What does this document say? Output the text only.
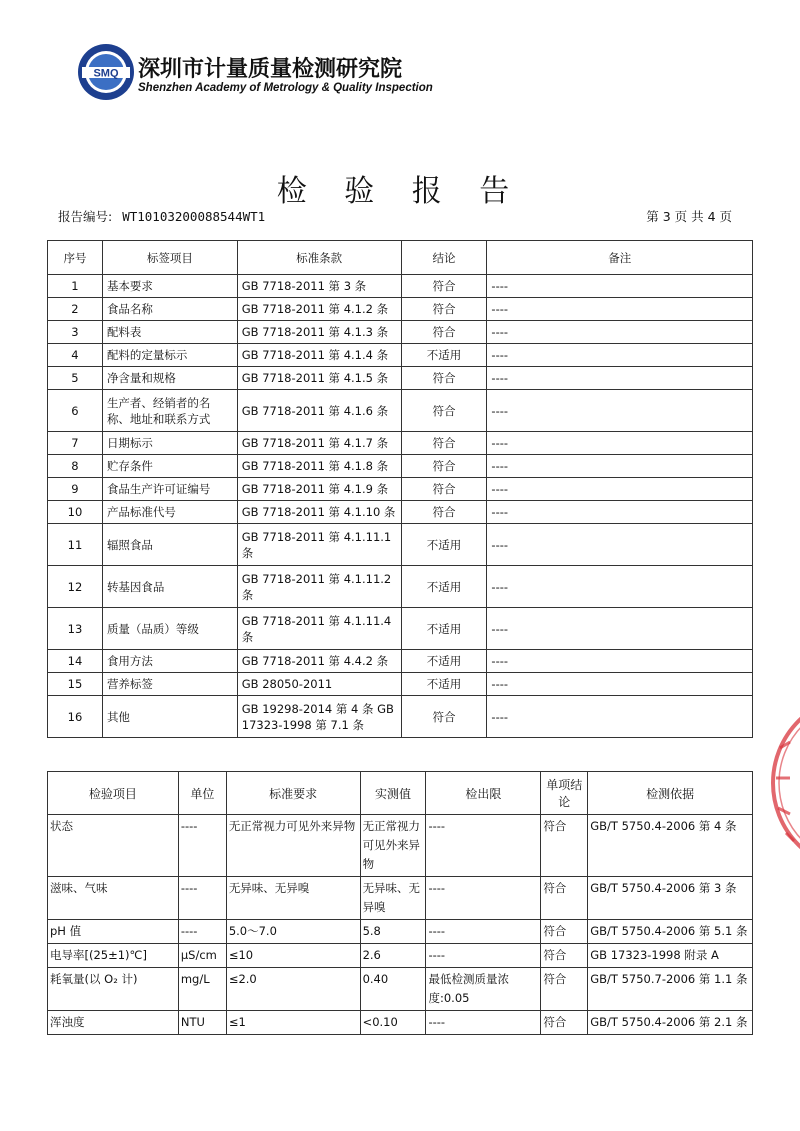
SMQ 深圳市计量质量检测研究院
Shenzhen Academy of Metrology & Quality Inspection
检 验 报 告
报告编号: WT10103200088544WT1	第 3 页 共 4 页
序号	标签项目	标准条款	结论	备注
1	基本要求	GB 7718-2011 第 3 条	符合	----
2	食品名称	GB 7718-2011 第 4.1.2 条	符合	----
3	配料表	GB 7718-2011 第 4.1.3 条	符合	----
4	配料的定量标示	GB 7718-2011 第 4.1.4 条	不适用	----
5	净含量和规格	GB 7718-2011 第 4.1.5 条	符合	----
6	生产者、经销者的名称、地址和联系方式	GB 7718-2011 第 4.1.6 条	符合	----
7	日期标示	GB 7718-2011 第 4.1.7 条	符合	----
8	贮存条件	GB 7718-2011 第 4.1.8 条	符合	----
9	食品生产许可证编号	GB 7718-2011 第 4.1.9 条	符合	----
10	产品标准代号	GB 7718-2011 第 4.1.10 条	符合	----
11	辐照食品	GB 7718-2011 第 4.1.11.1 条	不适用	----
12	转基因食品	GB 7718-2011 第 4.1.11.2 条	不适用	----
13	质量（品质）等级	GB 7718-2011 第 4.1.11.4 条	不适用	----
14	食用方法	GB 7718-2011 第 4.4.2 条	不适用	----
15	营养标签	GB 28050-2011	不适用	----
16	其他	GB 19298-2014 第 4 条 GB 17323-1998 第 7.1 条	符合	----
检验项目	单位	标准要求	实测值	检出限	单项结论	检测依据
状态	----	无正常视力可见外来异物	无正常视力可见外来异物	----	符合	GB/T 5750.4-2006 第 4 条
滋味、气味	----	无异味、无异嗅	无异味、无异嗅	----	符合	GB/T 5750.4-2006 第 3 条
pH 值	----	5.0～7.0	5.8	----	符合	GB/T 5750.4-2006 第 5.1 条
电导率[(25±1)℃]	μS/cm	≤10	2.6	----	符合	GB 17323-1998 附录 A
耗氧量(以 O₂ 计)	mg/L	≤2.0	0.40	最低检测质量浓度:0.05	符合	GB/T 5750.7-2006 第 1.1 条
浑浊度	NTU	≤1	<0.10	----	符合	GB/T 5750.4-2006 第 2.1 条
